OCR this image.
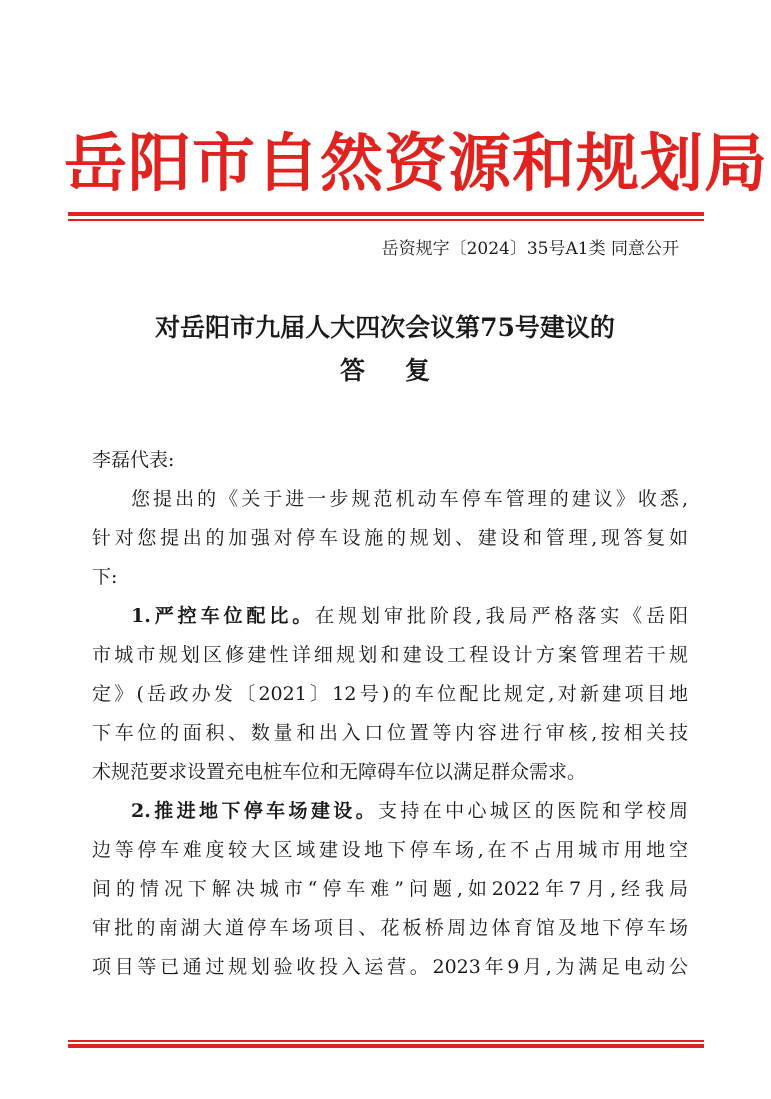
岳阳市自然资源和规划局
岳资规字〔2024〕35号A1类 同意公开
对岳阳市九届人大四次会议第75号建议的
答复
李磊代表:
您提出的《关于进一步规范机动车停车管理的建议》收悉,
针对您提出的加强对停车设施的规划、建设和管理,现答复如
下:
1.严控车位配比。在规划审批阶段,我局严格落实《岳阳
市城市规划区修建性详细规划和建设工程设计方案管理若干规
定》(岳政办发〔2021〕12号)的车位配比规定,对新建项目地
下车位的面积、数量和出入口位置等内容进行审核,按相关技
术规范要求设置充电桩车位和无障碍车位以满足群众需求。
2.推进地下停车场建设。支持在中心城区的医院和学校周
边等停车难度较大区域建设地下停车场,在不占用城市用地空
间的情况下解决城市“停车难”问题,如2022年7月,经我局
审批的南湖大道停车场项目、花板桥周边体育馆及地下停车场
项目等已通过规划验收投入运营。2023年9月,为满足电动公
